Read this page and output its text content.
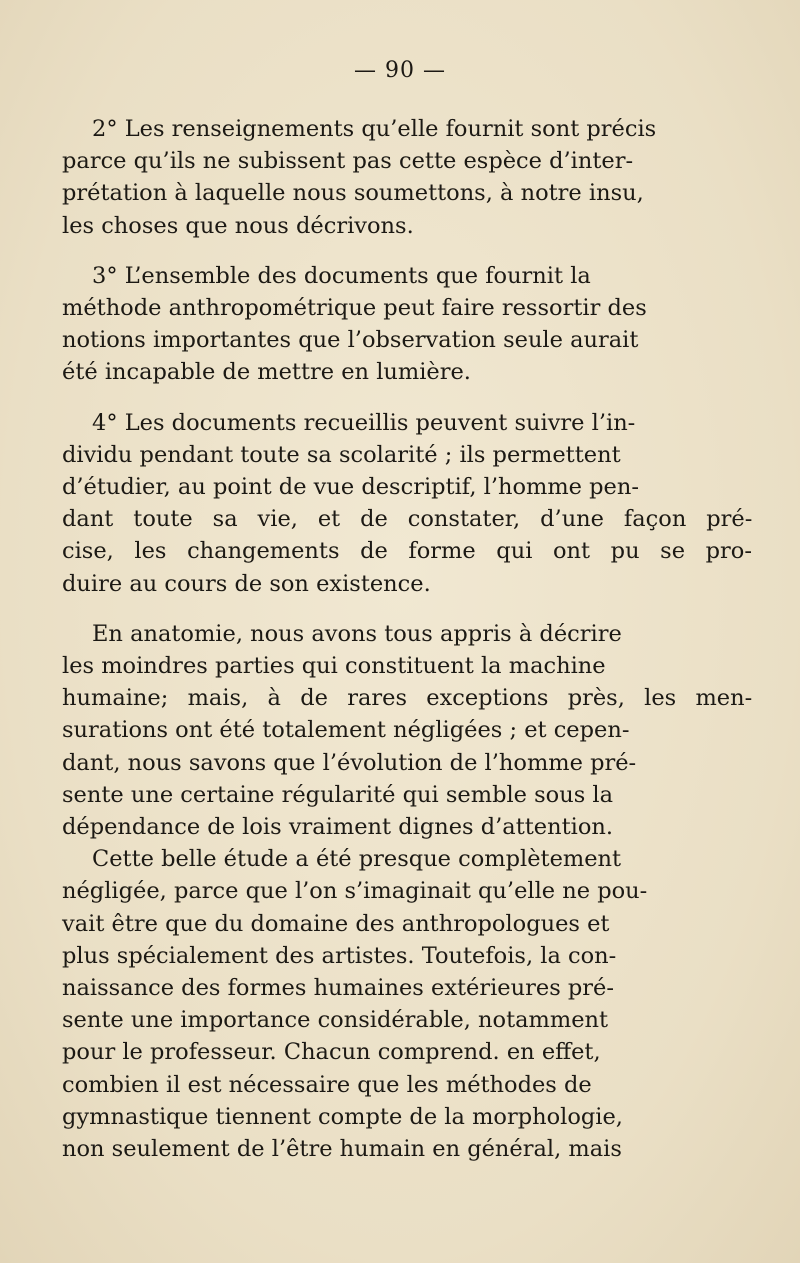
— 90 —

2° Les renseignements qu’elle fournit sont précis
parce qu’ils ne subissent pas cette espèce d’inter-
prétation à laquelle nous soumettons, à notre insu,
les choses que nous décrivons.

3° L’ensemble des documents que fournit la
méthode anthropométrique peut faire ressortir des
notions importantes que l’observation seule aurait
été incapable de mettre en lumière.

4° Les documents recueillis peuvent suivre l’in-
dividu pendant toute sa scolarité ; ils permettent
d’étudier, au point de vue descriptif, l’homme pen-
dant toute sa vie, et de constater, d’une façon pré-
cise, les changements de forme qui ont pu se pro-
duire au cours de son existence.

En anatomie, nous avons tous appris à décrire
les moindres parties qui constituent la machine
humaine; mais, à de rares exceptions près, les men-
surations ont été totalement négligées ; et cepen-
dant, nous savons que l’évolution de l’homme pré-
sente une certaine régularité qui semble sous la
dépendance de lois vraiment dignes d’attention.

Cette belle étude a été presque complètement
négligée, parce que l’on s’imaginait qu’elle ne pou-
vait être que du domaine des anthropologues et
plus spécialement des artistes. Toutefois, la con-
naissance des formes humaines extérieures pré-
sente une importance considérable, notamment
pour le professeur. Chacun comprend. en effet,
combien il est nécessaire que les méthodes de
gymnastique tiennent compte de la morphologie,
non seulement de l’être humain en général, mais
